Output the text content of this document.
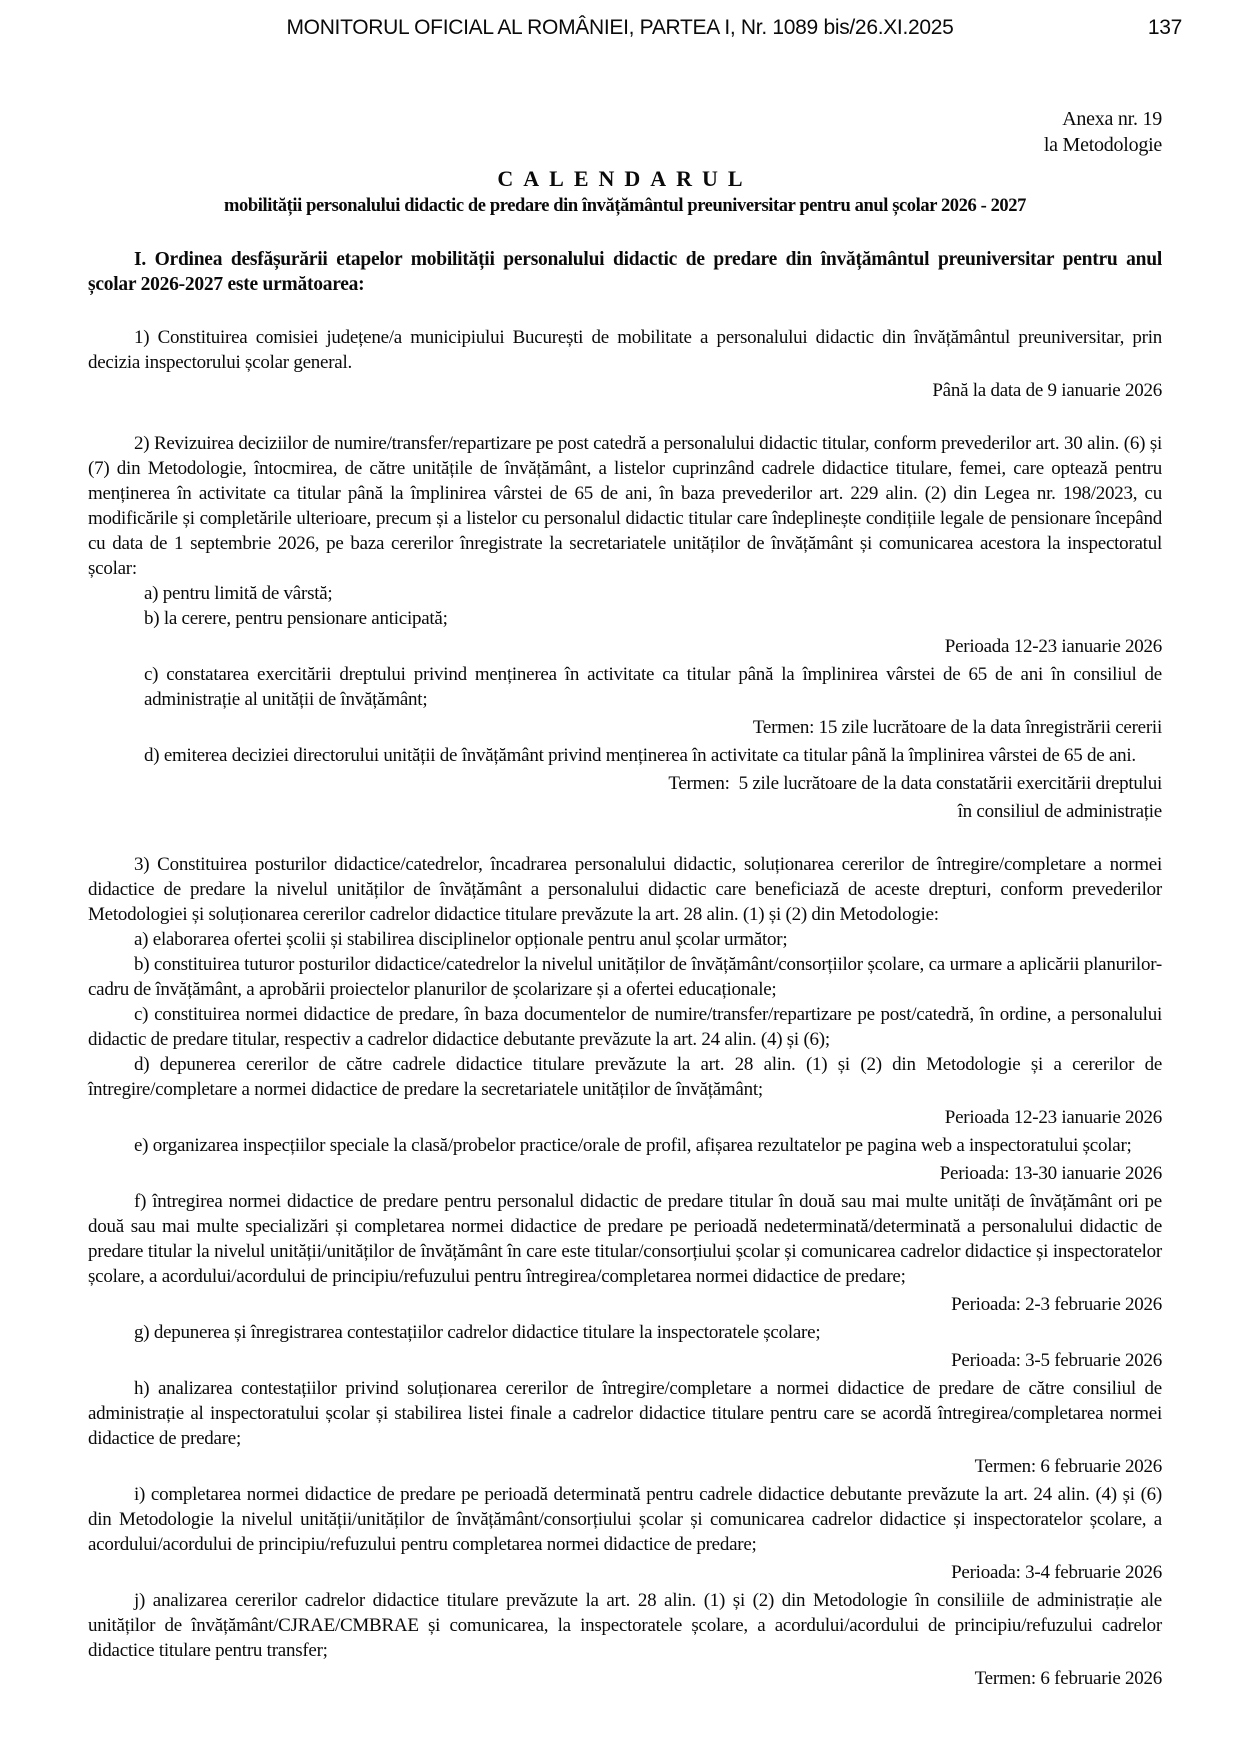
MONITORUL OFICIAL AL ROMÂNIEI, PARTEA I, Nr. 1089 bis/26.XI.2025	137
Anexa nr. 19
la Metodologie
CALENDARUL
mobilității personalului didactic de predare din învățământul preuniversitar pentru anul școlar 2026 - 2027
I. Ordinea desfășurării etapelor mobilității personalului didactic de predare din învățământul preuniversitar pentru anul școlar 2026-2027 este următoarea:
1) Constituirea comisiei județene/a municipiului București de mobilitate a personalului didactic din învățământul preuniversitar, prin decizia inspectorului școlar general.
Până la data de 9 ianuarie 2026
2) Revizuirea deciziilor de numire/transfer/repartizare pe post catedră a personalului didactic titular, conform prevederilor art. 30 alin. (6) și (7) din Metodologie, întocmirea, de către unitățile de învățământ, a listelor cuprinzând cadrele didactice titulare, femei, care optează pentru menținerea în activitate ca titular până la împlinirea vârstei de 65 de ani, în baza prevederilor art. 229 alin. (2) din Legea nr. 198/2023, cu modificările și completările ulterioare, precum și a listelor cu personalul didactic titular care îndeplinește condițiile legale de pensionare începând cu data de 1 septembrie 2026, pe baza cererilor înregistrate la secretariatele unităților de învățământ și comunicarea acestora la inspectoratul școlar:
a) pentru limită de vârstă;
b) la cerere, pentru pensionare anticipată;
Perioada 12-23 ianuarie 2026
c) constatarea exercitării dreptului privind menținerea în activitate ca titular până la împlinirea vârstei de 65 de ani în consiliul de administrație al unității de învățământ;
Termen: 15 zile lucrătoare de la data înregistrării cererii
d) emiterea deciziei directorului unității de învățământ privind menținerea în activitate ca titular până la împlinirea vârstei de 65 de ani.
Termen:  5 zile lucrătoare de la data constatării exercitării dreptului
în consiliul de administrație
3) Constituirea posturilor didactice/catedrelor, încadrarea personalului didactic, soluționarea cererilor de întregire/completare a normei didactice de predare la nivelul unităților de învățământ a personalului didactic care beneficiază de aceste drepturi, conform prevederilor Metodologiei și soluționarea cererilor cadrelor didactice titulare prevăzute la art. 28 alin. (1) și (2) din Metodologie:
a) elaborarea ofertei școlii și stabilirea disciplinelor opționale pentru anul școlar următor;
b) constituirea tuturor posturilor didactice/catedrelor la nivelul unităților de învățământ/consorțiilor școlare, ca urmare a aplicării planurilor-cadru de învățământ, a aprobării proiectelor planurilor de școlarizare și a ofertei educaționale;
c) constituirea normei didactice de predare, în baza documentelor de numire/transfer/repartizare pe post/catedră, în ordine, a personalului didactic de predare titular, respectiv a cadrelor didactice debutante prevăzute la art. 24 alin. (4) și (6);
d) depunerea cererilor de către cadrele didactice titulare prevăzute la art. 28 alin. (1) și (2) din Metodologie și a cererilor de întregire/completare a normei didactice de predare la secretariatele unităților de învățământ;
Perioada 12-23 ianuarie 2026
e) organizarea inspecțiilor speciale la clasă/probelor practice/orale de profil, afișarea rezultatelor pe pagina web a inspectoratului școlar;
Perioada: 13-30 ianuarie 2026
f) întregirea normei didactice de predare pentru personalul didactic de predare titular în două sau mai multe unități de învățământ ori pe două sau mai multe specializări și completarea normei didactice de predare pe perioadă nedeterminată/determinată a personalului didactic de predare titular la nivelul unității/unităților de învățământ în care este titular/consorțiului școlar și comunicarea cadrelor didactice și inspectoratelor școlare, a acordului/acordului de principiu/refuzului pentru întregirea/completarea normei didactice de predare;
Perioada: 2-3 februarie 2026
g) depunerea și înregistrarea contestațiilor cadrelor didactice titulare la inspectoratele școlare;
Perioada: 3-5 februarie 2026
h) analizarea contestațiilor privind soluționarea cererilor de întregire/completare a normei didactice de predare de către consiliul de administrație al inspectoratului școlar și stabilirea listei finale a cadrelor didactice titulare pentru care se acordă întregirea/completarea normei didactice de predare;
Termen: 6 februarie 2026
i) completarea normei didactice de predare pe perioadă determinată pentru cadrele didactice debutante prevăzute la art. 24 alin. (4) și (6) din Metodologie la nivelul unității/unităților de învățământ/consorțiului școlar și comunicarea cadrelor didactice și inspectoratelor școlare, a acordului/acordului de principiu/refuzului pentru completarea normei didactice de predare;
Perioada: 3-4 februarie 2026
j) analizarea cererilor cadrelor didactice titulare prevăzute la art. 28 alin. (1) și (2) din Metodologie în consiliile de administrație ale unităților de învățământ/CJRAE/CMBRAE și comunicarea, la inspectoratele școlare, a acordului/acordului de principiu/refuzului cadrelor didactice titulare pentru transfer;
Termen: 6 februarie 2026
